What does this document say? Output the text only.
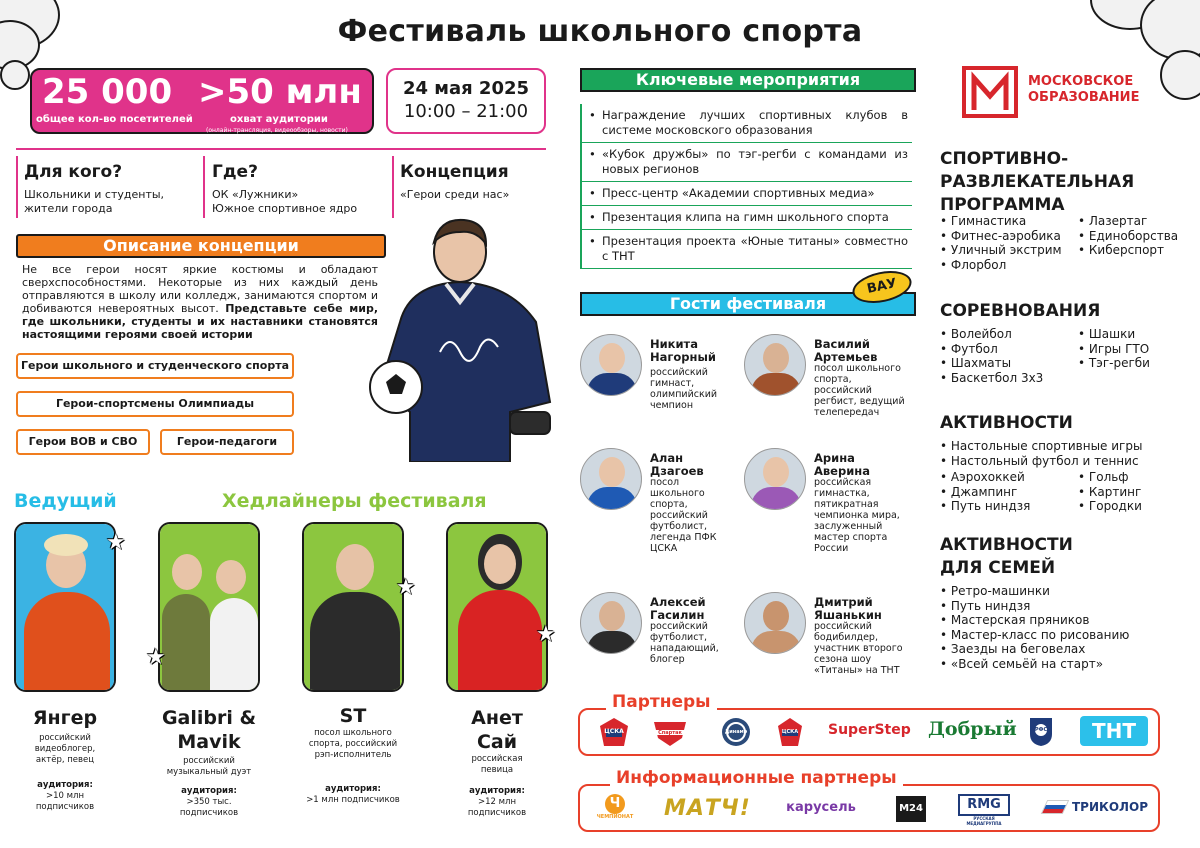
Фестиваль школьного спорта
25 000
общее кол-во посетителей
>50 млн
охват аудитории
(онлайн-трансляция, видеообзоры, новости)
24 мая 2025
10:00 – 21:00
Для кого?
Школьники и студенты,
жители города
Где?
ОК «Лужники»
Южное спортивное ядро
Концепция
«Герои среди нас»
Описание концепции
Не все герои носят яркие костюмы и обладают сверхспособностями. Некоторые из них каждый день отправляются в школу или колледж, занимаются спортом и добиваются невероятных высот. Представьте себе мир, где школьники, студенты и их наставники становятся настоящими героями своей истории
Герои школьного и студенческого спорта
Герои-спортсмены Олимпиады
Герои ВОВ и СВО	Герои-педагоги
Ведущий	Хедлайнеры фестиваля
★
★
★
★
Янгер
российский видеоблогер, актёр, певец
аудитория:
>10 млн подписчиков
Galibri & Mavik
российский музыкальный дуэт
аудитория:
>350 тыс. подписчиков
ST
посол школьного спорта, российский рэп-исполнитель
аудитория:
>1 млн подписчиков
Анет Сай
российская певица
аудитория:
>12 млн подписчиков
Ключевые мероприятия
• Награждение лучших спортивных клубов в системе московского образования
• «Кубок дружбы» по тэг-регби с командами из новых регионов
• Пресс-центр «Академии спортивных медиа»
• Презентация клипа на гимн школьного спорта
• Презентация проекта «Юные титаны» совместно с ТНТ
Гости фестиваля
ВАУ
Никита Нагорный
российский гимнаст, олимпийский чемпион
Василий Артемьев
посол школьного спорта, российский регбист, ведущий телепередач
Алан Дзагоев
посол школьного спорта, российский футболист, легенда ПФК ЦСКА
Арина Аверина
российская гимнастка, пятикратная чемпионка мира, заслуженный мастер спорта России
Алексей Гасилин
российский футболист, нападающий, блогер
Дмитрий Яшанькин
российский бодибилдер, участник второго сезона шоу «Титаны» на ТНТ
МОСКОВСКОЕ
ОБРАЗОВАНИЕ
СПОРТИВНО-
РАЗВЛЕКАТЕЛЬНАЯ
ПРОГРАММА
• Гимнастика
• Фитнес-аэробика
• Уличный экстрим
• Флорбол
• Лазертаг
• Единоборства
• Киберспорт
СОРЕВНОВАНИЯ
• Волейбол
• Футбол
• Шахматы
• Баскетбол 3х3
• Шашки
• Игры ГТО
• Тэг-регби
АКТИВНОСТИ
• Настольные спортивные игры
• Настольный футбол и теннис
• Аэрохоккей
• Джампинг
• Путь ниндзя
• Гольф
• Картинг
• Городки
АКТИВНОСТИ
ДЛЯ СЕМЕЙ
• Ретро-машинки
• Путь ниндзя
• Мастерская пряников
• Мастер-класс по рисованию
• Заезды на беговелах
• «Всей семьёй на старт»
Партнеры
ЦСКА	Спартак	Динамо	ЦСКА	SuperStep Добрый	РФС	ТНТ
Информационные партнеры
Ч
ЧЕМПИОНАТ	МАТЧ!	карусель	M24	RMG
РУССКАЯ МЕДИАГРУППА
ТРИКОЛОР
